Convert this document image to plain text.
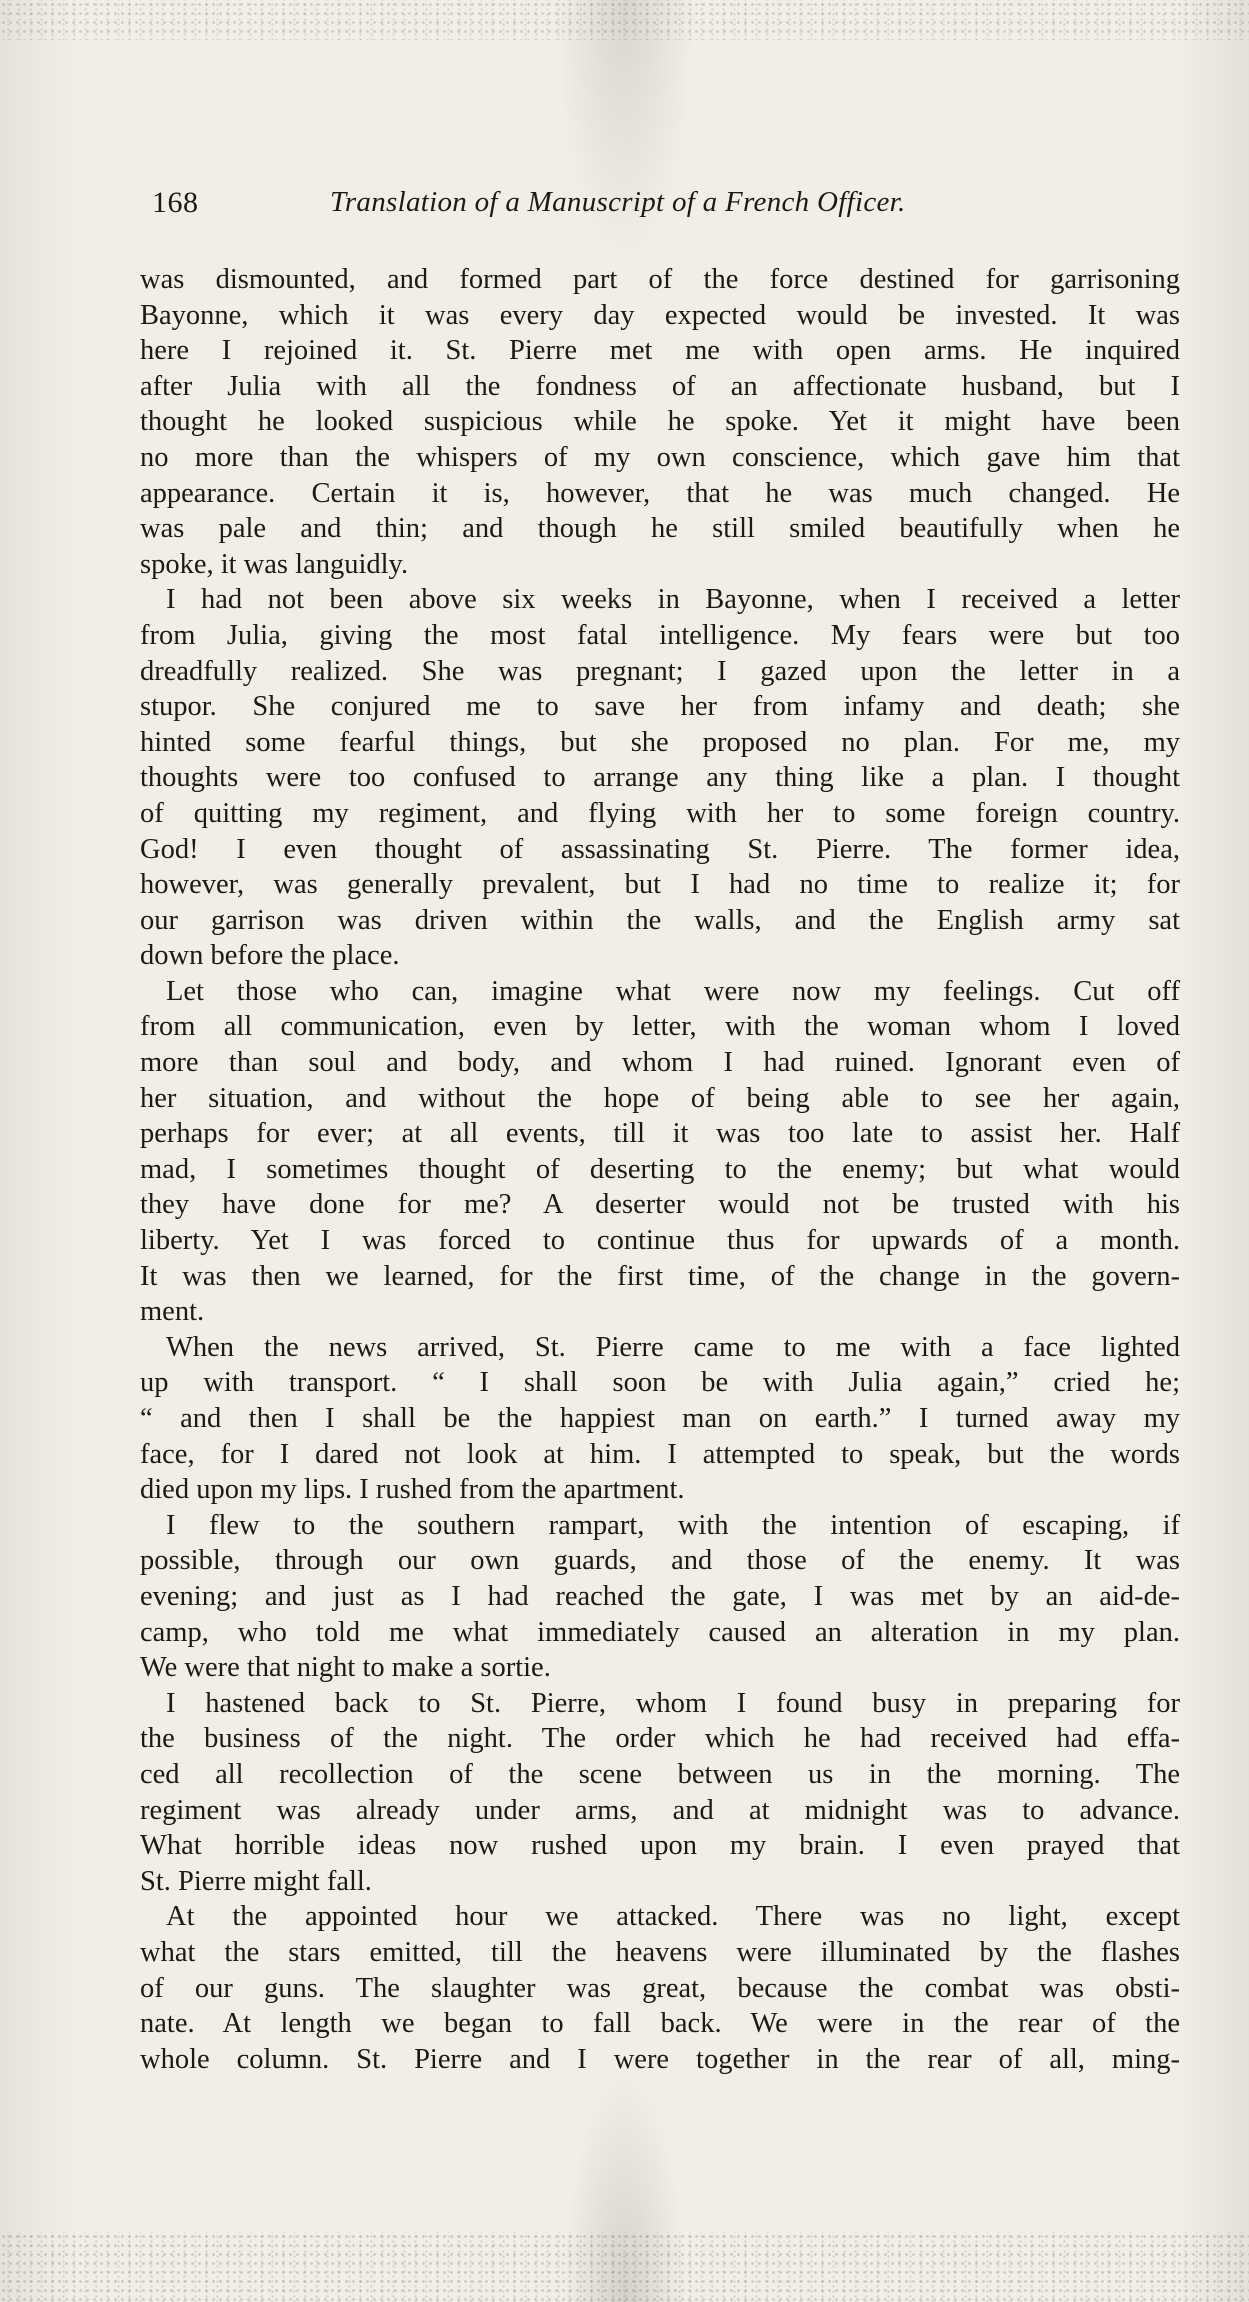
168	Translation of a Manuscript of a French Officer.
was dismounted, and formed part of the force destined for garrisoning
Bayonne, which it was every day expected would be invested. It was
here I rejoined it. St. Pierre met me with open arms. He inquired
after Julia with all the fondness of an affectionate husband, but I
thought he looked suspicious while he spoke. Yet it might have been
no more than the whispers of my own conscience, which gave him that
appearance. Certain it is, however, that he was much changed. He
was pale and thin; and though he still smiled beautifully when he
spoke, it was languidly.
I had not been above six weeks in Bayonne, when I received a letter
from Julia, giving the most fatal intelligence. My fears were but too
dreadfully realized. She was pregnant; I gazed upon the letter in a
stupor. She conjured me to save her from infamy and death; she
hinted some fearful things, but she proposed no plan. For me, my
thoughts were too confused to arrange any thing like a plan. I thought
of quitting my regiment, and flying with her to some foreign country.
God! I even thought of assassinating St. Pierre. The former idea,
however, was generally prevalent, but I had no time to realize it; for
our garrison was driven within the walls, and the English army sat
down before the place.
Let those who can, imagine what were now my feelings. Cut off
from all communication, even by letter, with the woman whom I loved
more than soul and body, and whom I had ruined. Ignorant even of
her situation, and without the hope of being able to see her again,
perhaps for ever; at all events, till it was too late to assist her. Half
mad, I sometimes thought of deserting to the enemy; but what would
they have done for me? A deserter would not be trusted with his
liberty. Yet I was forced to continue thus for upwards of a month.
It was then we learned, for the first time, of the change in the govern-
ment.
When the news arrived, St. Pierre came to me with a face lighted
up with transport. “ I shall soon be with Julia again,” cried he;
“ and then I shall be the happiest man on earth.” I turned away my
face, for I dared not look at him. I attempted to speak, but the words
died upon my lips. I rushed from the apartment.
I flew to the southern rampart, with the intention of escaping, if
possible, through our own guards, and those of the enemy. It was
evening; and just as I had reached the gate, I was met by an aid-de-
camp, who told me what immediately caused an alteration in my plan.
We were that night to make a sortie.
I hastened back to St. Pierre, whom I found busy in preparing for
the business of the night. The order which he had received had effa-
ced all recollection of the scene between us in the morning. The
regiment was already under arms, and at midnight was to advance.
What horrible ideas now rushed upon my brain. I even prayed that
St. Pierre might fall.
At the appointed hour we attacked. There was no light, except
what the stars emitted, till the heavens were illuminated by the flashes
of our guns. The slaughter was great, because the combat was obsti-
nate. At length we began to fall back. We were in the rear of the
whole column. St. Pierre and I were together in the rear of all, ming-
